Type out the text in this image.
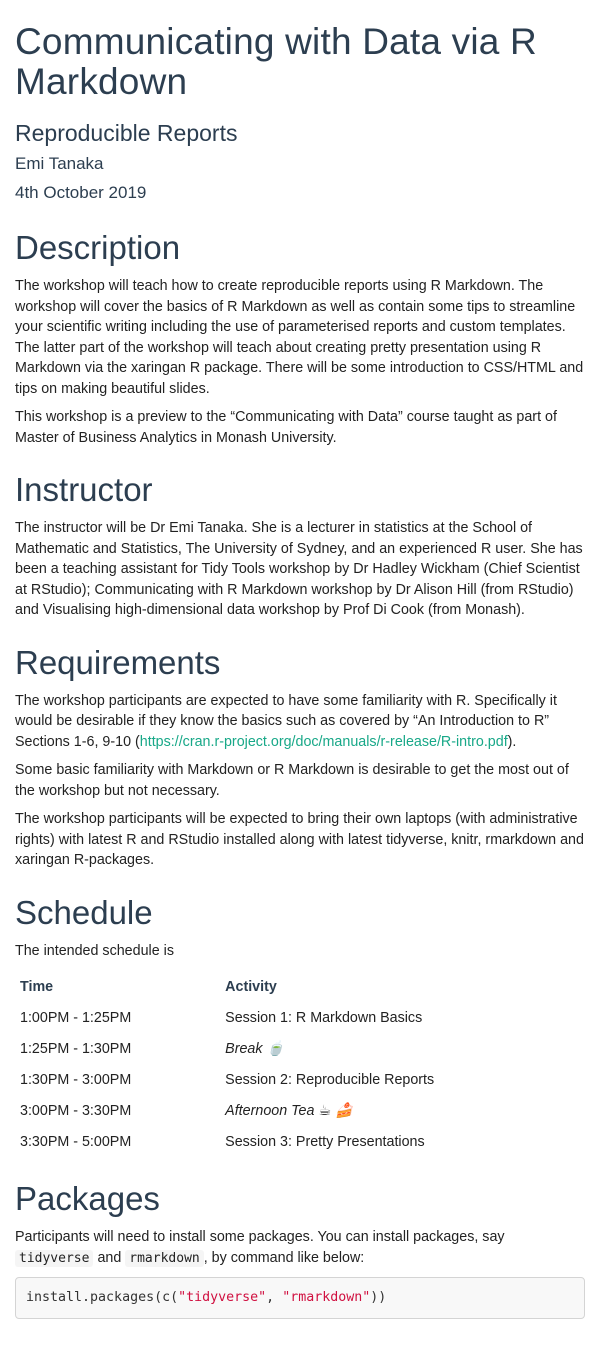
Communicating with Data via R Markdown
Reproducible Reports
Emi Tanaka
4th October 2019
Description

The workshop will teach how to create reproducible reports using R Markdown. The workshop will cover the basics of R Markdown as well as contain some tips to streamline your scientific writing including the use of parameterised reports and custom templates. The latter part of the workshop will teach about creating pretty presentation using R Markdown via the xaringan R package. There will be some introduction to CSS/HTML and tips on making beautiful slides.

This workshop is a preview to the “Communicating with Data” course taught as part of Master of Business Analytics in Monash University.

Instructor

The instructor will be Dr Emi Tanaka. She is a lecturer in statistics at the School of Mathematic and Statistics, The University of Sydney, and an experienced R user. She has been a teaching assistant for Tidy Tools workshop by Dr Hadley Wickham (Chief Scientist at RStudio); Communicating with R Markdown workshop by Dr Alison Hill (from RStudio) and Visualising high-dimensional data workshop by Prof Di Cook (from Monash).

Requirements

The workshop participants are expected to have some familiarity with R. Specifically it would be desirable if they know the basics such as covered by “An Introduction to R” Sections 1-6, 9-10 (https://cran.r-project.org/doc/manuals/r-release/R-intro.pdf).

Some basic familiarity with Markdown or R Markdown is desirable to get the most out of the workshop but not necessary.

The workshop participants will be expected to bring their own laptops (with administrative rights) with latest R and RStudio installed along with latest tidyverse, knitr, rmarkdown and xaringan R-packages.

Schedule

The intended schedule is

Time	Activity
1:00PM - 1:25PM	Session 1: R Markdown Basics
1:25PM - 1:30PM	Break 🍵
1:30PM - 3:00PM	Session 2: Reproducible Reports
3:00PM - 3:30PM	Afternoon Tea ☕ 🍰
3:30PM - 5:00PM	Session 3: Pretty Presentations
Packages

Participants will need to install some packages. You can install packages, say
tidyverse and rmarkdown , by command like below:

install.packages(c("tidyverse", "rmarkdown"))
